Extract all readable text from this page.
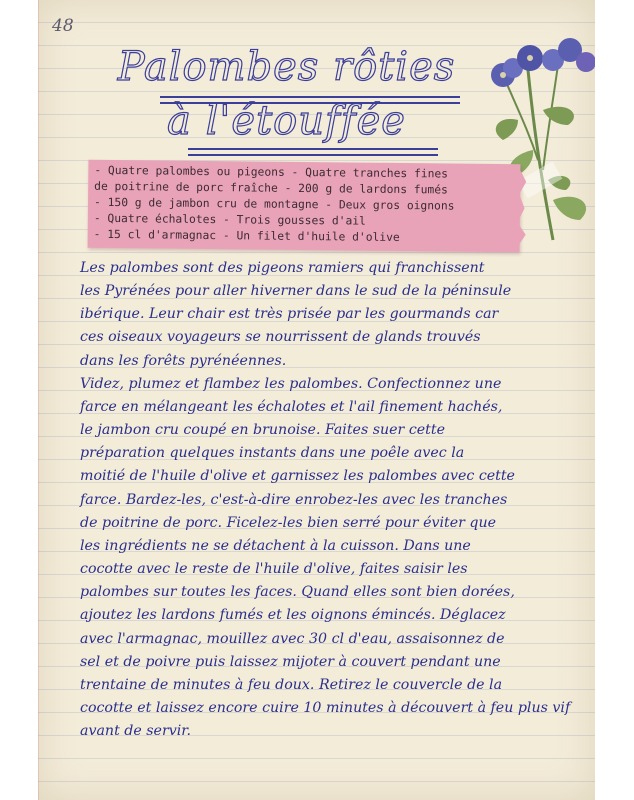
48
Palombes rôties
à l'étouffée
- Quatre palombes ou pigeons - Quatre tranches fines
de poitrine de porc fraîche - 200 g de lardons fumés
- 150 g de jambon cru de montagne - Deux gros oignons
- Quatre échalotes - Trois gousses d'ail
- 15 cl d'armagnac - Un filet d'huile d'olive
Les palombes sont des pigeons ramiers qui franchissent
les Pyrénées pour aller hiverner dans le sud de la péninsule
ibérique. Leur chair est très prisée par les gourmands car
ces oiseaux voyageurs se nourrissent de glands trouvés
dans les forêts pyrénéennes.
Videz, plumez et flambez les palombes. Confectionnez une
farce en mélangeant les échalotes et l'ail finement hachés,
le jambon cru coupé en brunoise. Faites suer cette
préparation quelques instants dans une poêle avec la
moitié de l'huile d'olive et garnissez les palombes avec cette
farce. Bardez-les, c'est-à-dire enrobez-les avec les tranches
de poitrine de porc. Ficelez-les bien serré pour éviter que
les ingrédients ne se détachent à la cuisson. Dans une
cocotte avec le reste de l'huile d'olive, faites saisir les
palombes sur toutes les faces. Quand elles sont bien dorées,
ajoutez les lardons fumés et les oignons émincés. Déglacez
avec l'armagnac, mouillez avec 30 cl d'eau, assaisonnez de
sel et de poivre puis laissez mijoter à couvert pendant une
trentaine de minutes à feu doux. Retirez le couvercle de la
cocotte et laissez encore cuire 10 minutes à découvert à feu plus vif
avant de servir.
